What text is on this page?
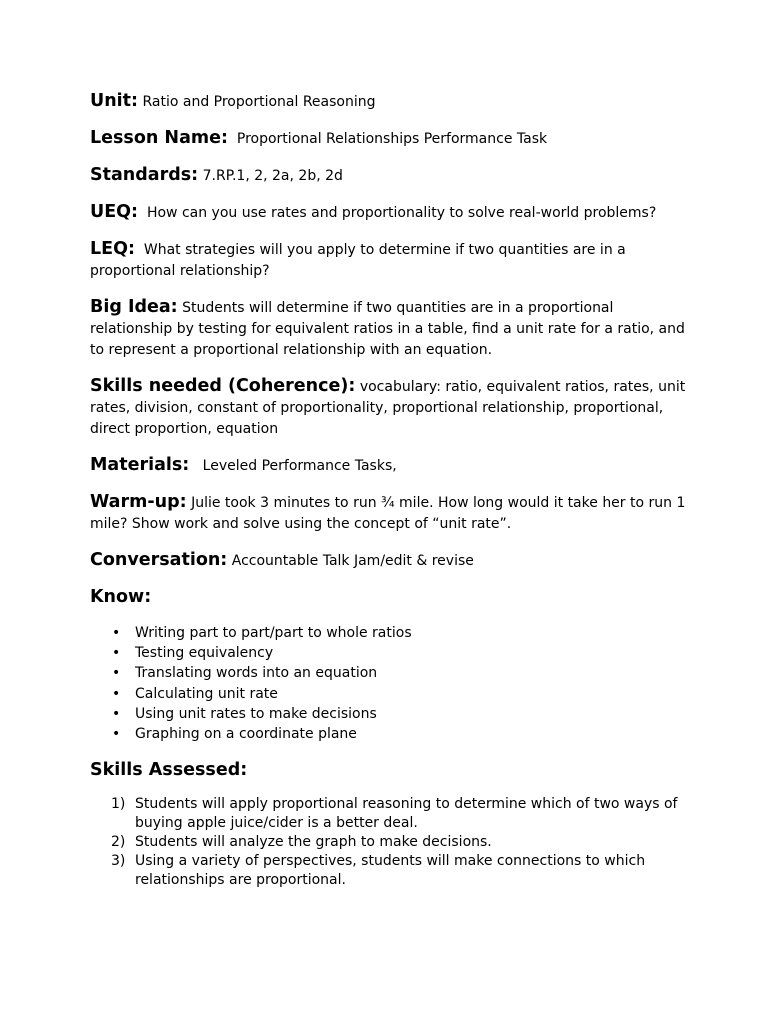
Unit: Ratio and Proportional Reasoning

Lesson Name: Proportional Relationships Performance Task

Standards: 7.RP.1, 2, 2a, 2b, 2d

UEQ: How can you use rates and proportionality to solve real-world problems?

LEQ: What strategies will you apply to determine if two quantities are in a proportional relationship?

Big Idea: Students will determine if two quantities are in a proportional relationship by testing for equivalent ratios in a table, find a unit rate for a ratio, and to represent a proportional relationship with an equation.

Skills needed (Coherence): vocabulary: ratio, equivalent ratios, rates, unit rates, division, constant of proportionality, proportional relationship, proportional, direct proportion, equation

Materials: Leveled Performance Tasks,

Warm-up: Julie took 3 minutes to run ¾ mile. How long would it take her to run 1 mile? Show work and solve using the concept of “unit rate”.

Conversation: Accountable Talk Jam/edit & revise

Know:

• Writing part to part/part to whole ratios
• Testing equivalency
• Translating words into an equation
• Calculating unit rate
• Using unit rates to make decisions
• Graphing on a coordinate plane

Skills Assessed:

1) Students will apply proportional reasoning to determine which of two ways of buying apple juice/cider is a better deal.
2) Students will analyze the graph to make decisions.
3) Using a variety of perspectives, students will make connections to which relationships are proportional.
